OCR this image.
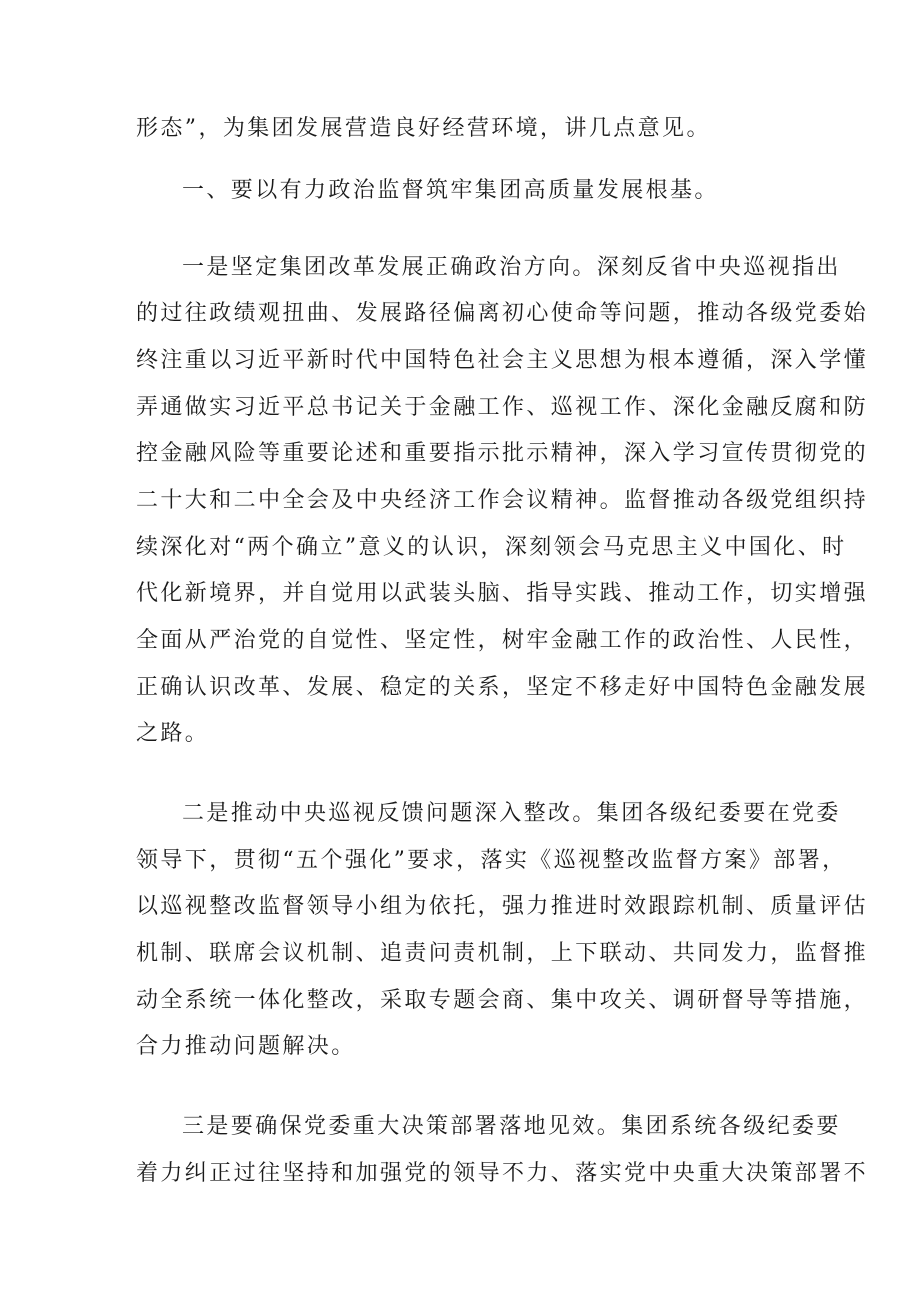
形态”，为集团发展营造良好经营环境，讲几点意见。
一、要以有力政治监督筑牢集团高质量发展根基。
一是坚定集团改革发展正确政治方向。深刻反省中央巡视指出
的过往政绩观扭曲、发展路径偏离初心使命等问题，推动各级党委始
终注重以习近平新时代中国特色社会主义思想为根本遵循，深入学懂
弄通做实习近平总书记关于金融工作、巡视工作、深化金融反腐和防
控金融风险等重要论述和重要指示批示精神，深入学习宣传贯彻党的
二十大和二中全会及中央经济工作会议精神。监督推动各级党组织持
续深化对“两个确立”意义的认识，深刻领会马克思主义中国化、时
代化新境界，并自觉用以武装头脑、指导实践、推动工作，切实增强
全面从严治党的自觉性、坚定性，树牢金融工作的政治性、人民性，
正确认识改革、发展、稳定的关系，坚定不移走好中国特色金融发展
之路。
二是推动中央巡视反馈问题深入整改。集团各级纪委要在党委
领导下，贯彻“五个强化”要求，落实《巡视整改监督方案》部署，
以巡视整改监督领导小组为依托，强力推进时效跟踪机制、质量评估
机制、联席会议机制、追责问责机制，上下联动、共同发力，监督推
动全系统一体化整改，采取专题会商、集中攻关、调研督导等措施，
合力推动问题解决。
三是要确保党委重大决策部署落地见效。集团系统各级纪委要
着力纠正过往坚持和加强党的领导不力、落实党中央重大决策部署不
